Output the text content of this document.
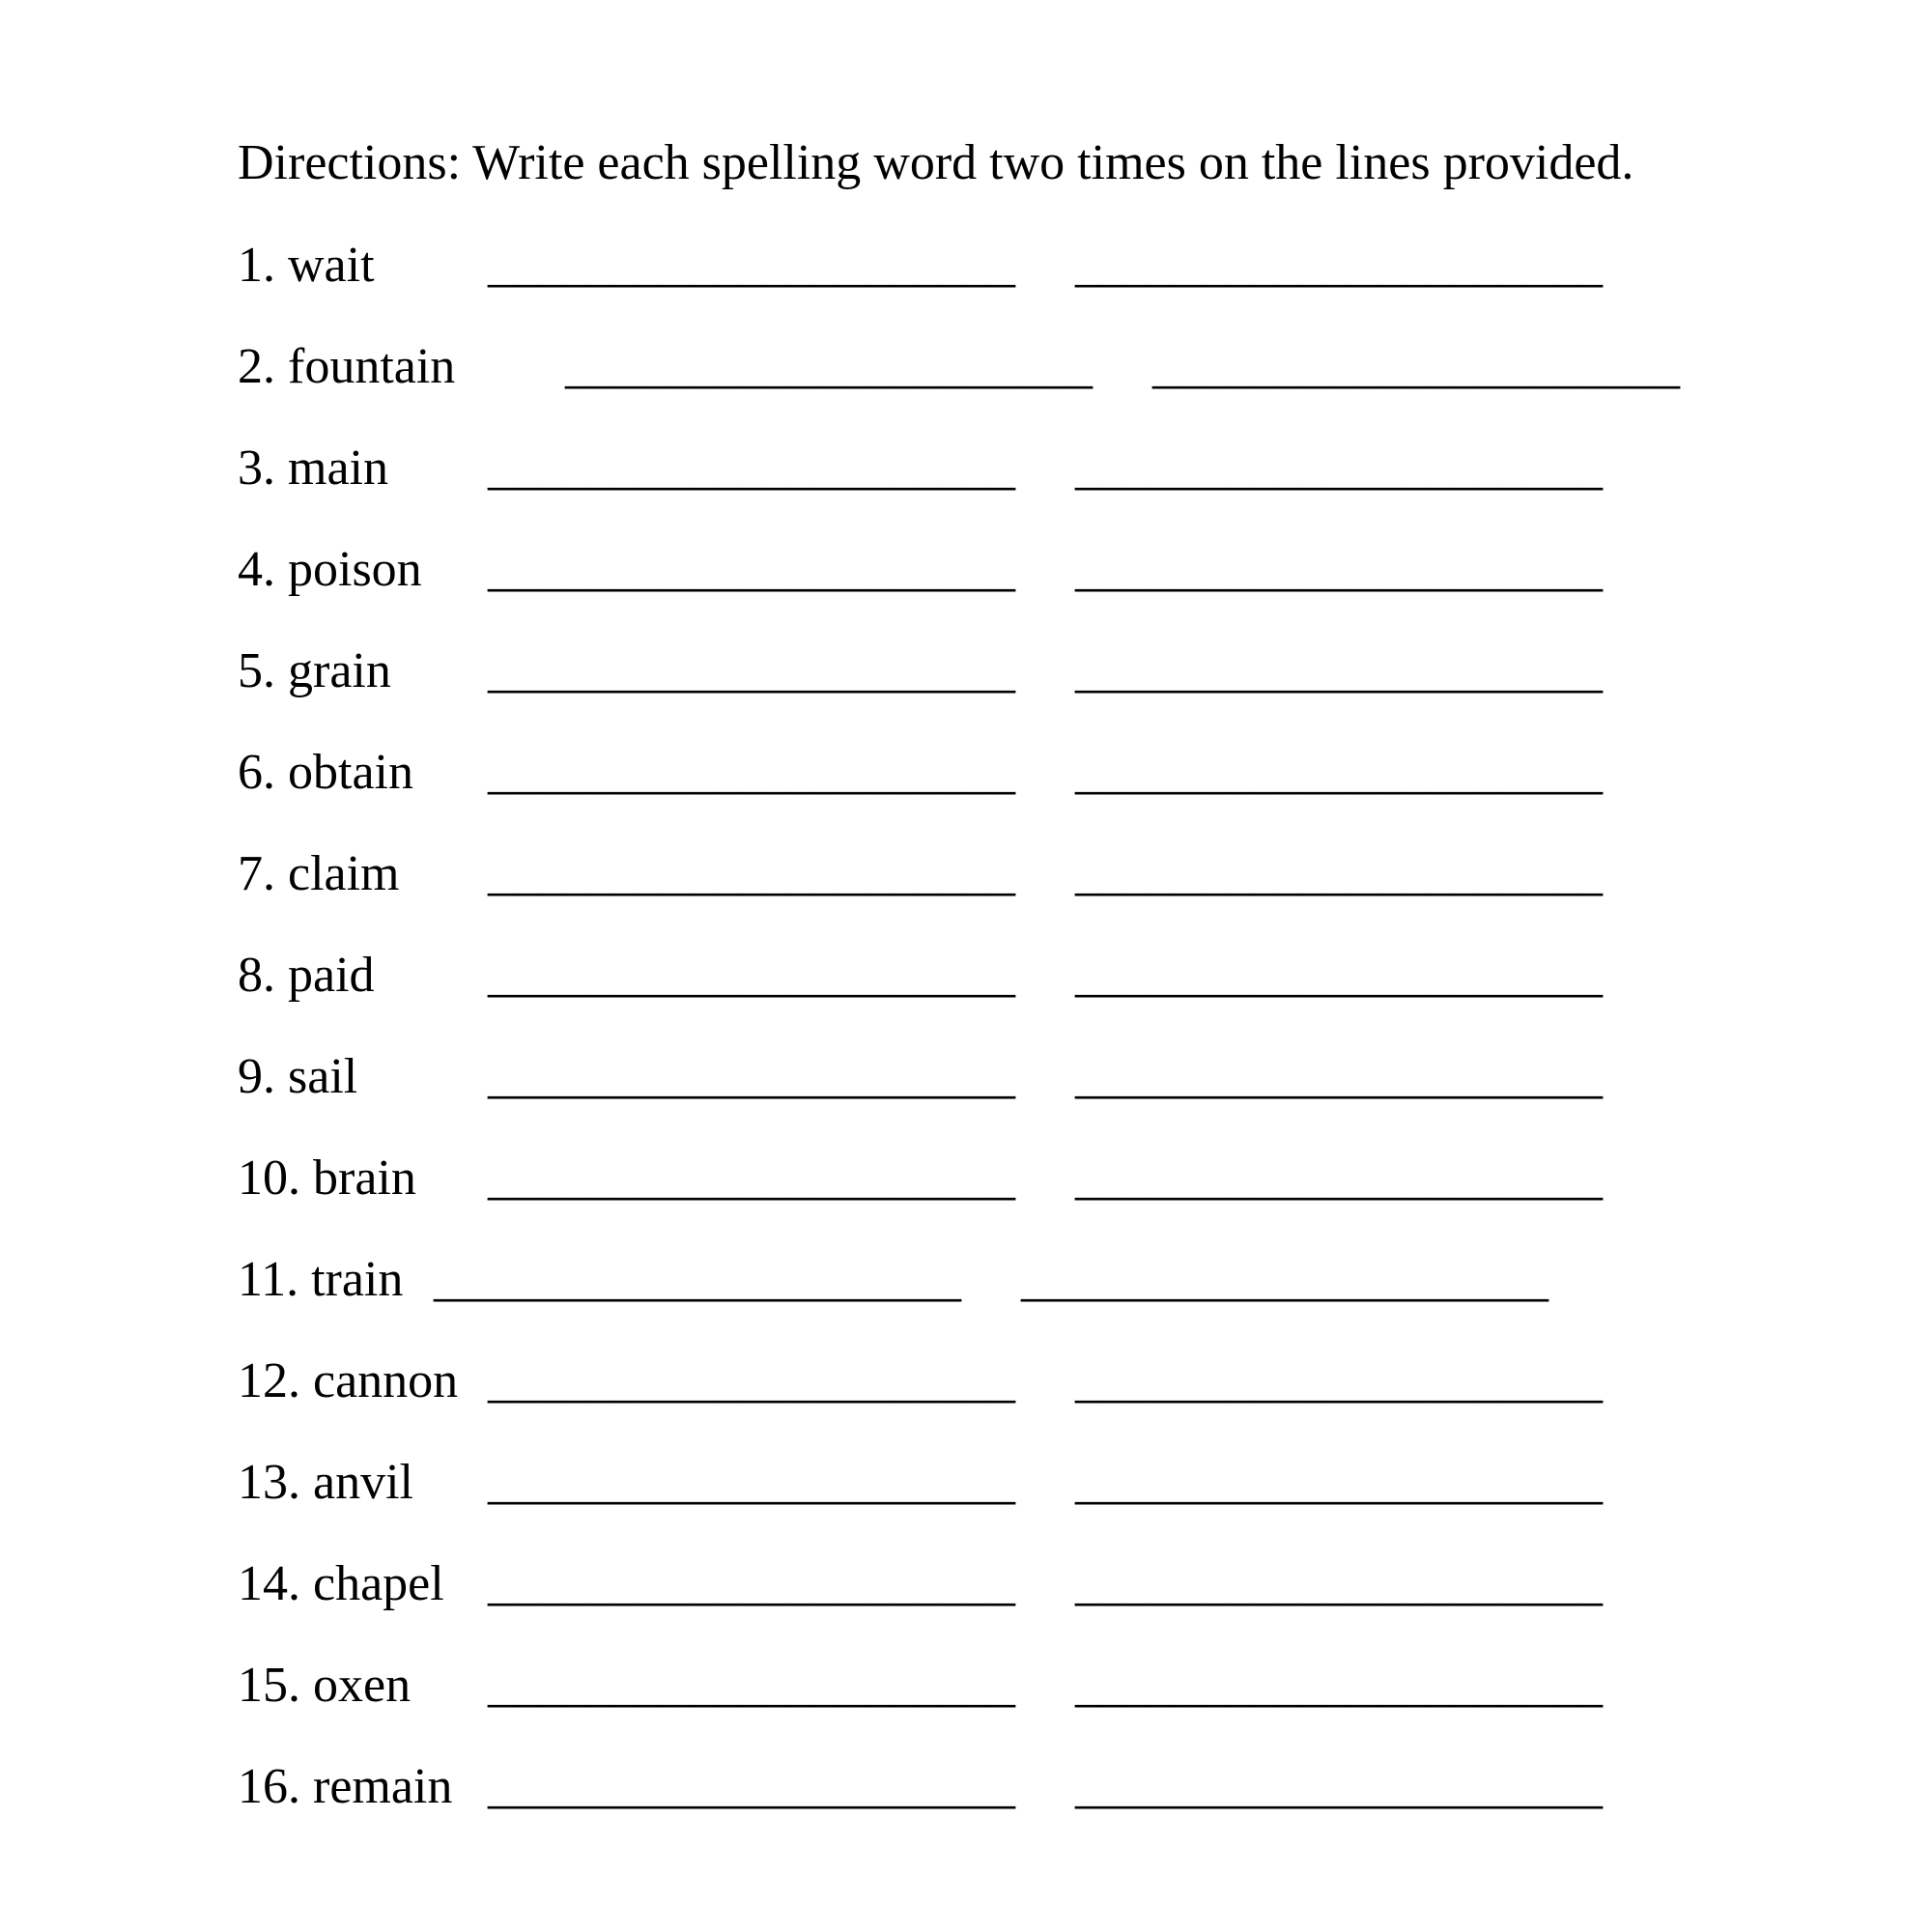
Directions: Write each spelling word two times on the lines provided.
1. wait _____________________ _____________________
2. fountain _____________________ _____________________
3. main _____________________ _____________________
4. poison _____________________ _____________________
5. grain _____________________ _____________________
6. obtain _____________________ _____________________
7. claim _____________________ _____________________
8. paid _____________________ _____________________
9. sail	_____________________ _____________________
10. brain _____________________ _____________________
11. train _____________________ _____________________
12. cannon _____________________ _____________________
13. anvil _____________________ _____________________
14. chapel _____________________ _____________________
15. oxen _____________________ _____________________
16. remain _____________________ _____________________
